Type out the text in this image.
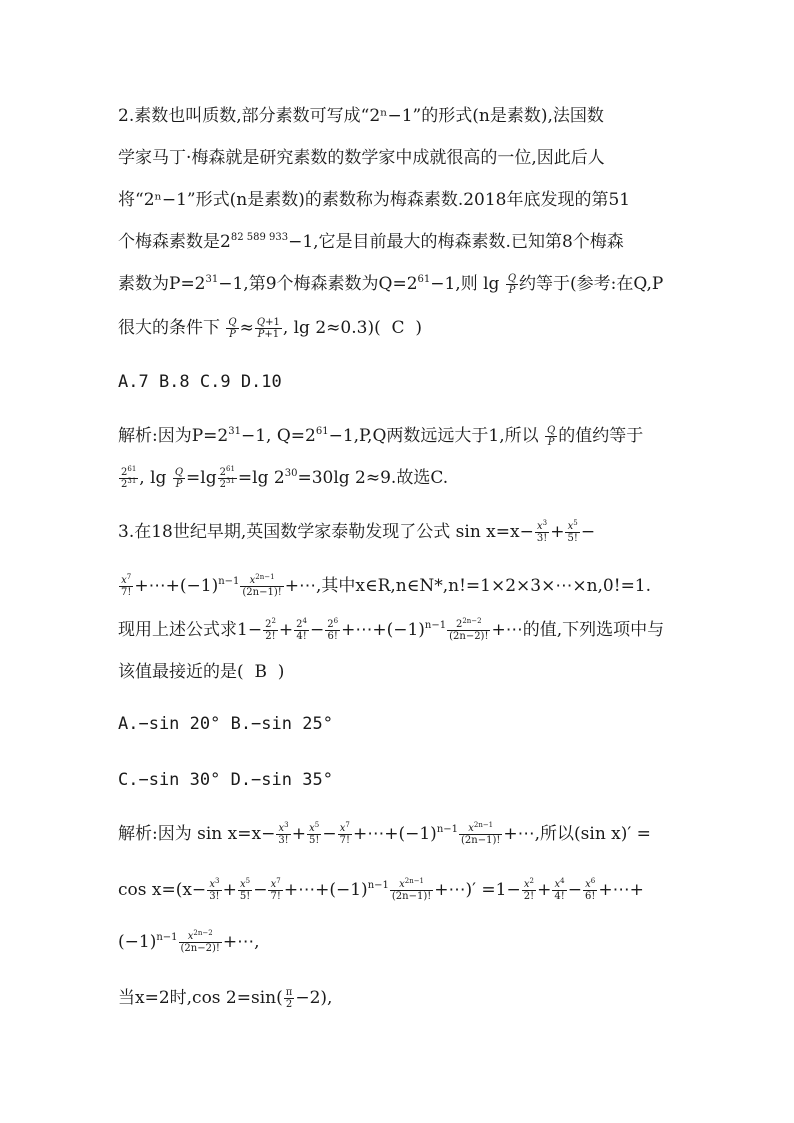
2.素数也叫质数,部分素数可写成“2ⁿ−1”的形式(n是素数),法国数
学家马丁·梅森就是研究素数的数学家中成就很高的一位,因此后人
将“2ⁿ−1”形式(n是素数)的素数称为梅森素数.2018年底发现的第51
个梅森素数是$2^{82 589 933}-1$,它是目前最大的梅森素数.已知第8个梅森
素数为$P=2^{31}-1$,第9个梅森素数为$Q=2^{61}-1$,则 $\lg \frac{Q}{P}$ 约等于(参考:在Q,P
很大的条件下 $\frac{Q}{P} \approx \frac{Q+1}{P+1}$ , lg 2≈0.3)( C )
A.7 B.8 C.9 D.10
解析:因为$P=2^{31}-1$, $Q=2^{61}-1,P,Q$两数远远大于1,所以 $\frac{Q}{P}$ 的值约等于
$\frac{2^{61}}{2^{31}}$ , $\lg \frac{Q}{P} =\lg \frac{2^{61}}{2^{31}} =\lg$ $2^{30}=30\lg$ 2≈9.故选C.
3.在18世纪早期,英国数学家泰勒发现了公式 $\sin x=x- \frac{x^3}{3!} + \frac{x^5}{5!}$ −
$\frac{x^7}{7!}$ $+\cdots+(-1)^{n-1} \frac{x^{2n-1}}{(2n-1)!}$ +⋯,其中x∈R,n∈N*,n!=1×2×3×⋯×n,0!=1.
现用上述公式求$1- \frac{2^2}{2!} + \frac{2^4}{4!} - \frac{2^6}{6!}$ $+\cdots+(-1)^{n-1} \frac{2^{2n-2}}{(2n-2)!}$ +⋯的值,下列选项中与
该值最接近的是( B )
A.−sin 20° B.−sin 25°
C.−sin 30° D.−sin 35°
解析:因为 $\sin x=x- \frac{x^3}{3!} + \frac{x^5}{5!} - \frac{x^7}{7!}$ $+\cdots+(-1)^{n-1} \frac{x^{2n-1}}{(2n-1)!}$ +⋯,所以(sin x)′ =
$\cos x=(x- \frac{x^3}{3!} + \frac{x^5}{5!} - \frac{x^7}{7!}$ $+\cdots+(-1)^{n-1} \frac{x^{2n-1}}{(2n-1)!}$ +⋯)′ $=1- \frac{x^2}{2!} + \frac{x^4}{4!} - \frac{x^6}{6!}$ +⋯+
$(-1)^{n-1} \frac{x^{2n-2}}{(2n-2)!}$ +⋯,
当x=2时,cos $2=\sin( \frac{\pi}{2} -2)$,
